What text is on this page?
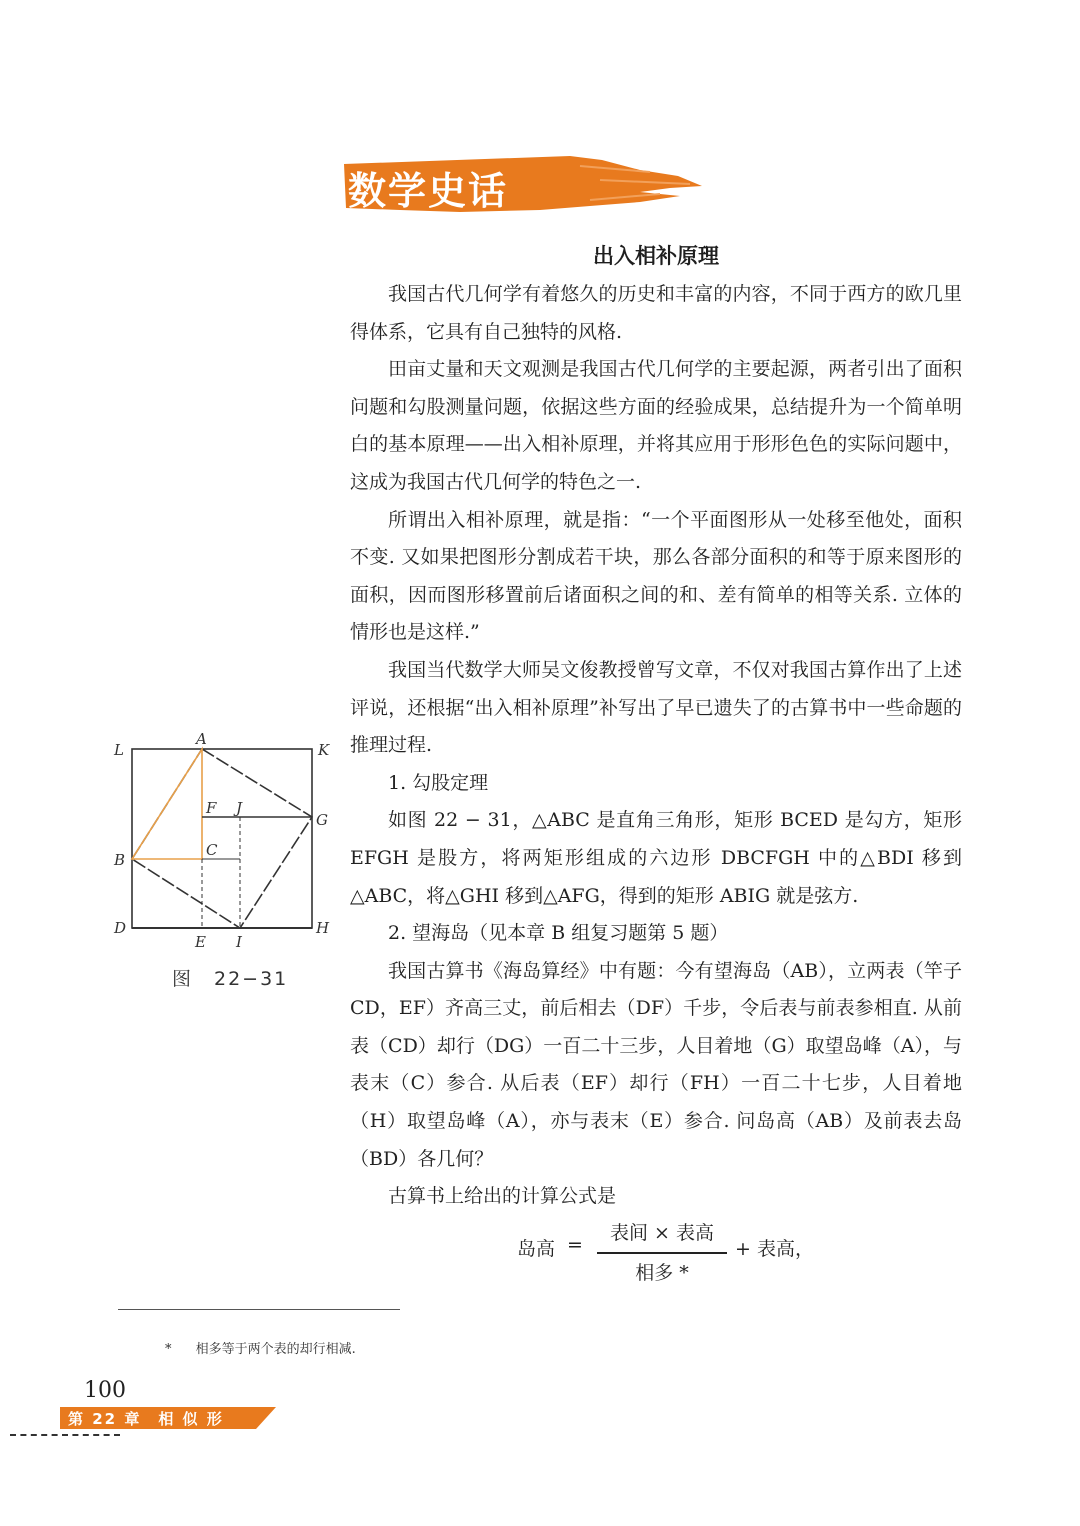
数学史话
出入相补原理

我国古代几何学有着悠久的历史和丰富的内容，不同于西方的欧几里得体系，它具有自己独特的风格.

田亩丈量和天文观测是我国古代几何学的主要起源，两者引出了面积问题和勾股测量问题，依据这些方面的经验成果，总结提升为一个简单明白的基本原理——出入相补原理，并将其应用于形形色色的实际问题中，这成为我国古代几何学的特色之一.

所谓出入相补原理，就是指：“一个平面图形从一处移至他处，面积不变. 又如果把图形分割成若干块，那么各部分面积的和等于原来图形的面积，因而图形移置前后诸面积之间的和、差有简单的相等关系. 立体的情形也是这样.”

我国当代数学大师吴文俊教授曾写文章，不仅对我国古算作出了上述评说，还根据“出入相补原理”补写出了早已遗失了的古算书中一些命题的推理过程.

1. 勾股定理

如图 22 − 31，△ABC 是直角三角形，矩形 BCED 是勾方，矩形 EFGH 是股方，将两矩形组成的六边形 DBCFGH 中的△BDI 移到△ABC，将△GHI 移到△AFG，得到的矩形 ABIG 就是弦方.

2. 望海岛（见本章 B 组复习题第 5 题）

我国古算书《海岛算经》中有题：今有望海岛（AB），立两表（竿子 CD，EF）齐高三丈，前后相去（DF）千步，令后表与前表参相直. 从前表（CD）却行（DG）一百二十三步，人目着地（G）取望岛峰（A），与表末（C）参合. 从后表（EF）却行（FH）一百二十七步，人目着地（H）取望岛峰（A），亦与表末（E）参合. 问岛高（AB）及前表去岛（BD）各几何？

古算书上给出的计算公式是

岛高 =
表间 × 表高
相多 *
+ 表高，
A
K
L
F J
G
B
C
D
E I
H
图　22−31
* 相多等于两个表的却行相减.
100
第 22 章　相 似 形
